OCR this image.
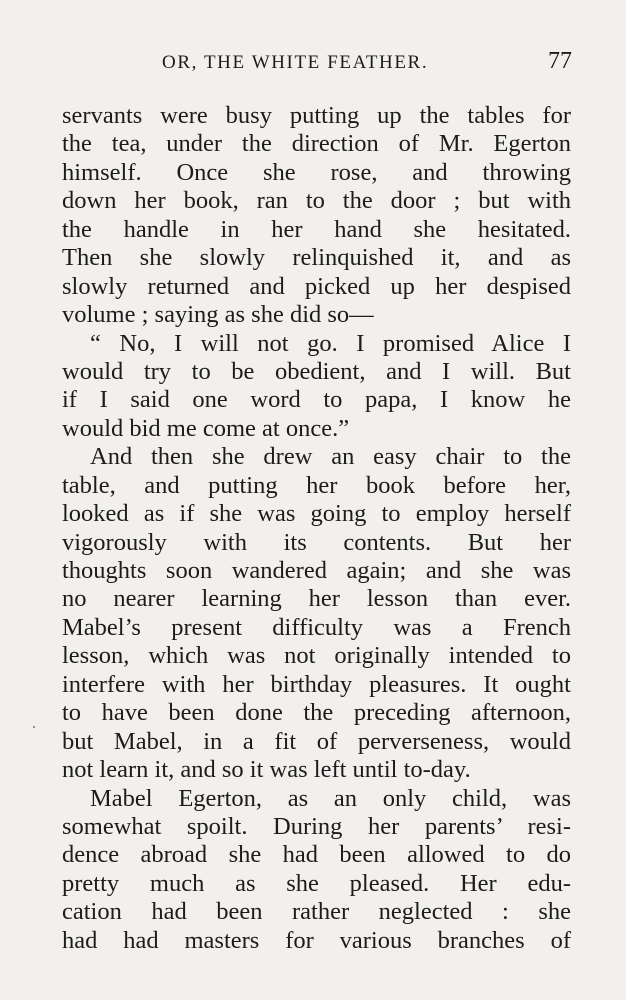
OR, THE WHITE FEATHER.	77
servants were busy putting up the tables for
the tea, under the direction of Mr. Egerton
himself. Once she rose, and throwing
down her book, ran to the door ; but with
the handle in her hand she hesitated.
Then she slowly relinquished it, and as
slowly returned and picked up her despised
volume ; saying as she did so—
“ No, I will not go. I promised Alice I
would try to be obedient, and I will. But
if I said one word to papa, I know he
would bid me come at once.”
And then she drew an easy chair to the
table, and putting her book before her,
looked as if she was going to employ herself
vigorously with its contents. But her
thoughts soon wandered again; and she was
no nearer learning her lesson than ever.
Mabel’s present difficulty was a French
lesson, which was not originally intended to
interfere with her birthday pleasures. It ought
to have been done the preceding afternoon,
but Mabel, in a fit of perverseness, would
not learn it, and so it was left until to-day.
Mabel Egerton, as an only child, was
somewhat spoilt. During her parents’ resi-
dence abroad she had been allowed to do
pretty much as she pleased. Her edu-
cation had been rather neglected : she
had had masters for various branches of
